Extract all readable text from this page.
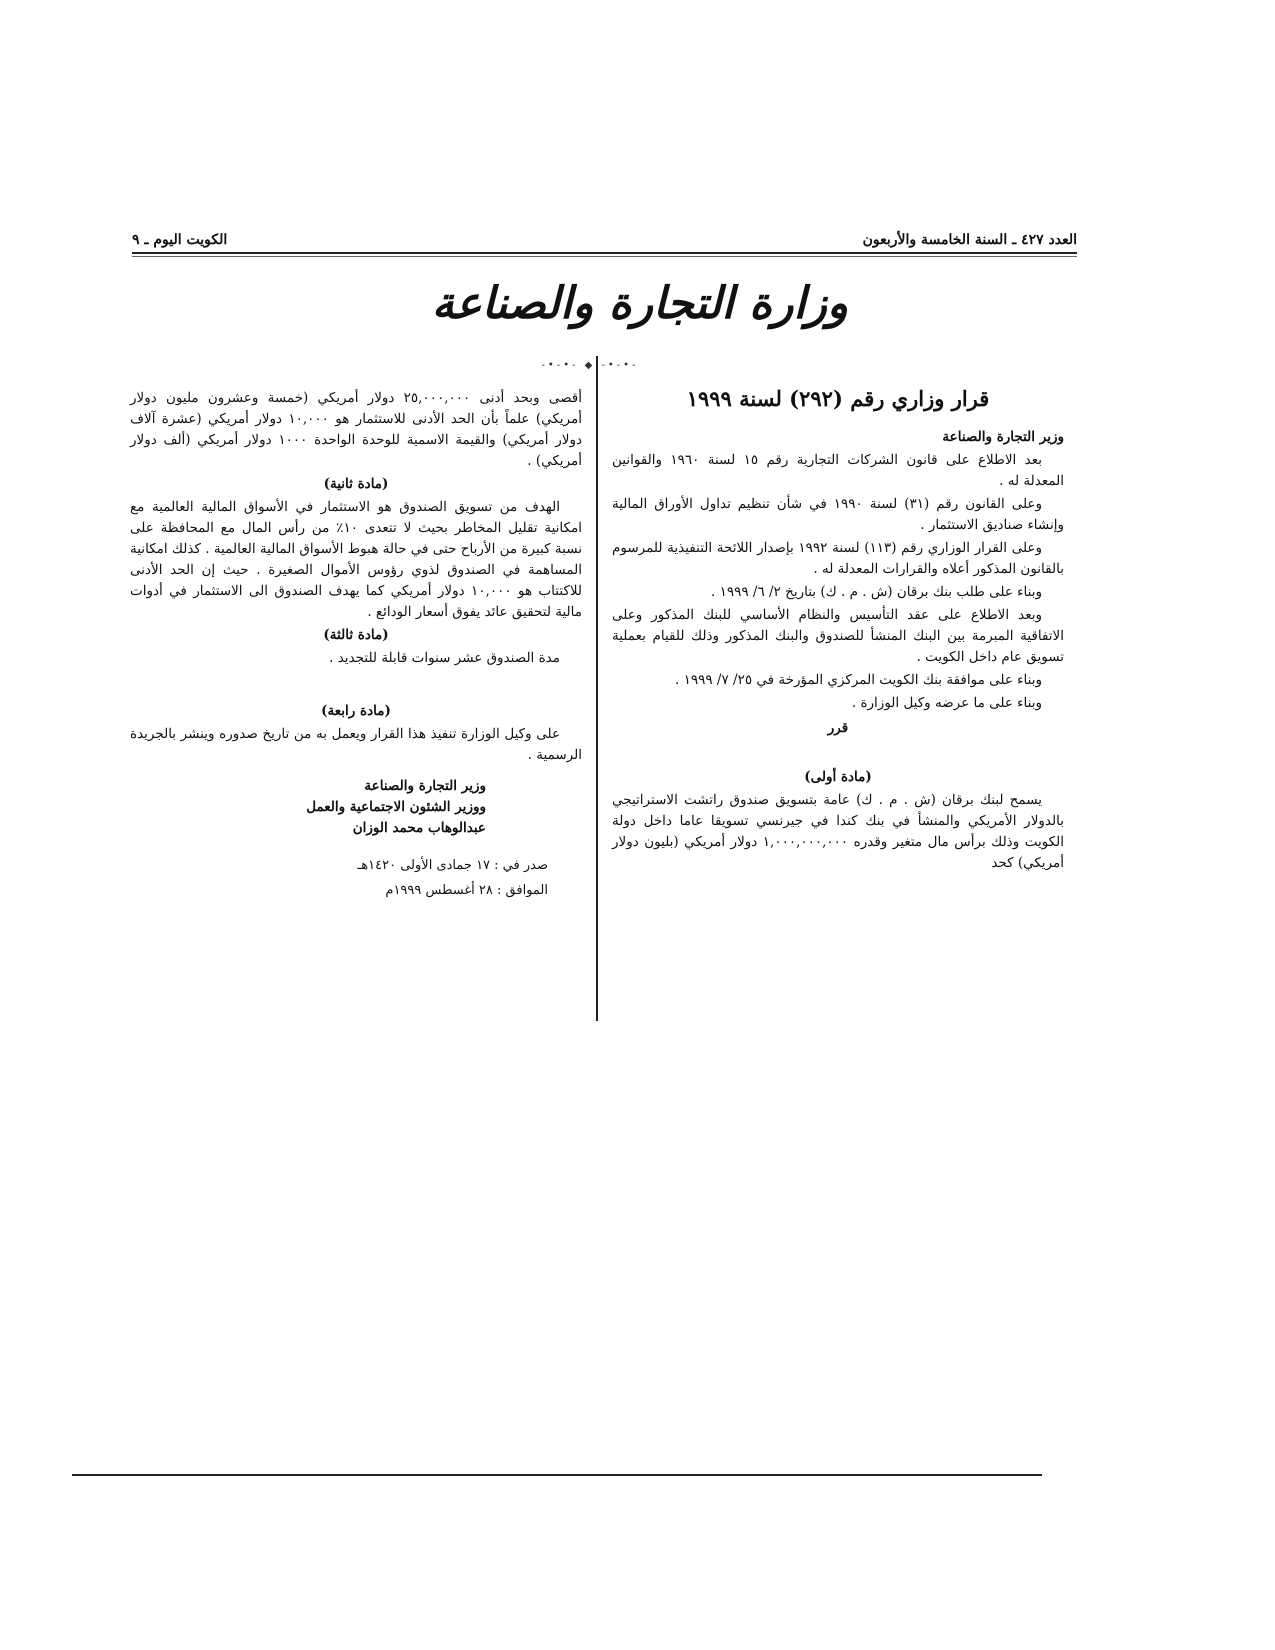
العدد ٤٢٧ ـ السنة الخامسة والأربعون
الكويت اليوم ـ ٩
وزارة التجارة والصناعة
-•-•- ◆ -•-•-

قرار وزاري رقم (٢٩٢) لسنة ١٩٩٩

وزير التجارة والصناعة

بعد الاطلاع على قانون الشركات التجارية رقم ١٥ لسنة ١٩٦٠ والقوانين المعدلة له .

وعلى القانون رقم (٣١) لسنة ١٩٩٠ في شأن تنظيم تداول الأوراق المالية وإنشاء صناديق الاستثمار .

وعلى القرار الوزاري رقم (١١٣) لسنة ١٩٩٢ بإصدار اللائحة التنفيذية للمرسوم بالقانون المذكور أعلاه والقرارات المعدلة له .

وبناء على طلب بنك برقان (ش . م . ك) بتاريخ ٢/ ٦/ ١٩٩٩ .

وبعد الاطلاع على عقد التأسيس والنظام الأساسي للبنك المذكور وعلى الاتفاقية المبرمة بين البنك المنشأ للصندوق والبنك المذكور وذلك للقيام بعملية تسويق عام داخل الكويت .

وبناء على موافقة بنك الكويت المركزي المؤرخة في ٢٥/ ٧/ ١٩٩٩ .

وبناء على ما عرضه وكيل الوزارة .

قرر

(مادة أولى)

يسمح لبنك برقان (ش . م . ك) عامة بتسويق صندوق راتشت الاستراتيجي بالدولار الأمريكي والمنشأ في بنك كندا في جيرنسي تسويقا عاما داخل دولة الكويت وذلك برأس مال متغير وقدره ١,٠٠٠,٠٠٠,٠٠٠ دولار أمريكي (بليون دولار أمريكي) كحد

أقصى وبحد أدنى ٢٥,٠٠٠,٠٠٠ دولار أمريكي (خمسة وعشرون مليون دولار أمريكي) علماً بأن الحد الأدنى للاستثمار هو ١٠,٠٠٠ دولار أمريكي (عشرة آلاف دولار أمريكي) والقيمة الاسمية للوحدة الواحدة ١٠٠٠ دولار أمريكي (ألف دولار أمريكي) .

(مادة ثانية)

الهدف من تسويق الصندوق هو الاستثمار في الأسواق المالية العالمية مع امكانية تقليل المخاطر بحيث لا تتعدى ١٠٪ من رأس المال مع المحافظة على نسبة كبيرة من الأرباح حتى في حالة هبوط الأسواق المالية العالمية . كذلك امكانية المساهمة في الصندوق لذوي رؤوس الأموال الصغيرة . حيث إن الحد الأدنى للاكتتاب هو ١٠,٠٠٠ دولار أمريكي كما يهدف الصندوق الى الاستثمار في أدوات مالية لتحقيق عائد يفوق أسعار الودائع .

(مادة ثالثة)

مدة الصندوق عشر سنوات قابلة للتجديد .

(مادة رابعة)

على وكيل الوزارة تنفيذ هذا القرار ويعمل به من تاريخ صدوره وينشر بالجريدة الرسمية .

وزير التجارة والصناعة

ووزير الشئون الاجتماعية والعمل

عبدالوهاب محمد الوزان

صدر في : ١٧ جمادى الأولى ١٤٢٠هـ
الموافق : ٢٨ أغسطس ١٩٩٩م
